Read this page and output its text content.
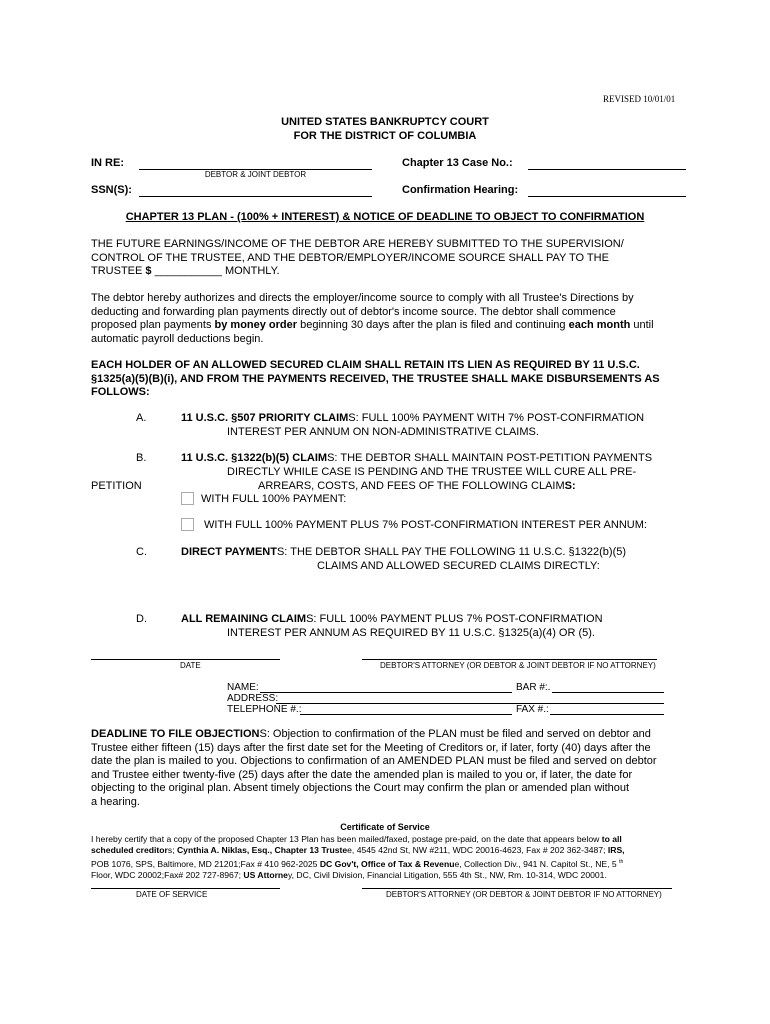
REVISED 10/01/01
UNITED STATES BANKRUPTCY COURT
FOR THE DISTRICT OF COLUMBIA
IN RE:
DEBTOR & JOINT DEBTOR
Chapter 13 Case No.:
SSN(S):	Confirmation Hearing:
CHAPTER 13 PLAN - (100% + INTEREST) & NOTICE OF DEADLINE TO OBJECT TO CONFIRMATION
THE FUTURE EARNINGS/INCOME OF THE DEBTOR ARE HEREBY SUBMITTED TO THE SUPERVISION/
CONTROL OF THE TRUSTEE, AND THE DEBTOR/EMPLOYER/INCOME SOURCE SHALL PAY TO THE
TRUSTEE $ ___________ MONTHLY.
The debtor hereby authorizes and directs the employer/income source to comply with all Trustee's Directions by
deducting and forwarding plan payments directly out of debtor's income source. The debtor shall commence
proposed plan payments by money order beginning 30 days after the plan is filed and continuing each month until
automatic payroll deductions begin.
EACH HOLDER OF AN ALLOWED SECURED CLAIM SHALL RETAIN ITS LIEN AS REQUIRED BY 11 U.S.C.
§1325(a)(5)(B)(i), AND FROM THE PAYMENTS RECEIVED, THE TRUSTEE SHALL MAKE DISBURSEMENTS AS
FOLLOWS:
A.	11 U.S.C. §507 PRIORITY CLAIMS: FULL 100% PAYMENT WITH 7% POST-CONFIRMATION
INTEREST PER ANNUM ON NON-ADMINISTRATIVE CLAIMS.
B.	11 U.S.C. §1322(b)(5) CLAIMS: THE DEBTOR SHALL MAINTAIN POST-PETITION PAYMENTS
DIRECTLY WHILE CASE IS PENDING AND THE TRUSTEE WILL CURE ALL PRE-
PETITION	ARREARS, COSTS, AND FEES OF THE FOLLOWING CLAIMS:
WITH FULL 100% PAYMENT:
WITH FULL 100% PAYMENT PLUS 7% POST-CONFIRMATION INTEREST PER ANNUM:
C.	DIRECT PAYMENTS: THE DEBTOR SHALL PAY THE FOLLOWING 11 U.S.C. §1322(b)(5)
CLAIMS AND ALLOWED SECURED CLAIMS DIRECTLY:
D.	ALL REMAINING CLAIMS: FULL 100% PAYMENT PLUS 7% POST-CONFIRMATION
INTEREST PER ANNUM AS REQUIRED BY 11 U.S.C. §1325(a)(4) OR (5).
DATE	DEBTOR'S ATTORNEY (OR DEBTOR & JOINT DEBTOR IF NO ATTORNEY)
NAME:	BAR #:.
ADDRESS:
TELEPHONE #.:	FAX #.:
DEADLINE TO FILE OBJECTIONS: Objection to confirmation of the PLAN must be filed and served on debtor and
Trustee either fifteen (15) days after the first date set for the Meeting of Creditors or, if later, forty (40) days after the
date the plan is mailed to you. Objections to confirmation of an AMENDED PLAN must be filed and served on debtor
and Trustee either twenty-five (25) days after the date the amended plan is mailed to you or, if later, the date for
objecting to the original plan. Absent timely objections the Court may confirm the plan or amended plan without
a hearing.
Certificate of Service
I hereby certify that a copy of the proposed Chapter 13 Plan has been mailed/faxed, postage pre-paid, on the date that appears below to all
scheduled creditors; Cynthia A. Niklas, Esq., Chapter 13 Trustee, 4545 42nd St, NW #211, WDC 20016-4623, Fax # 202 362-3487; IRS,
POB 1076, SPS, Baltimore, MD 21201;Fax # 410 962-2025 DC Gov't, Office of Tax & Revenue, Collection Div., 941 N. Capitol St., NE, 5 $^{th}$
Floor, WDC 20002;Fax# 202 727-8967; US Attorney, DC, Civil Division, Financial Litigation, 555 4th St., NW, Rm. 10-314, WDC 20001.
DATE OF SERVICE	DEBTOR'S ATTORNEY (OR DEBTOR & JOINT DEBTOR IF NO ATTORNEY)
